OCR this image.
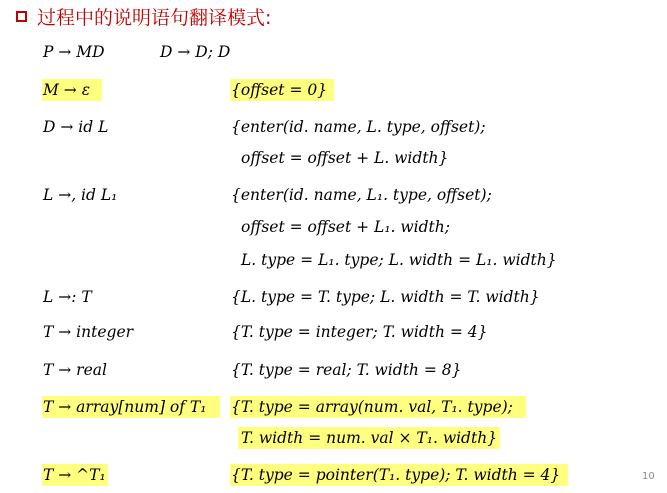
过程中的说明语句翻译模式:
P → MD	D → D; D
M → ε	{offset = 0}
D → id L	{enter(id. name, L. type, offset);
offset = offset + L. width}
L →, id L₁	{enter(id. name, L₁. type, offset);
offset = offset + L₁. width;
L. type = L₁. type; L. width = L₁. width}
L →: T	{L. type = T. type; L. width = T. width}
T → integer	{T. type = integer; T. width = 4}
T → real	{T. type = real; T. width = 8}
T → array[num] of T₁ {T. type = array(num. val, T₁. type);
T. width = num. val × T₁. width}
T → ^T₁	{T. type = pointer(T₁. type); T. width = 4}	10
